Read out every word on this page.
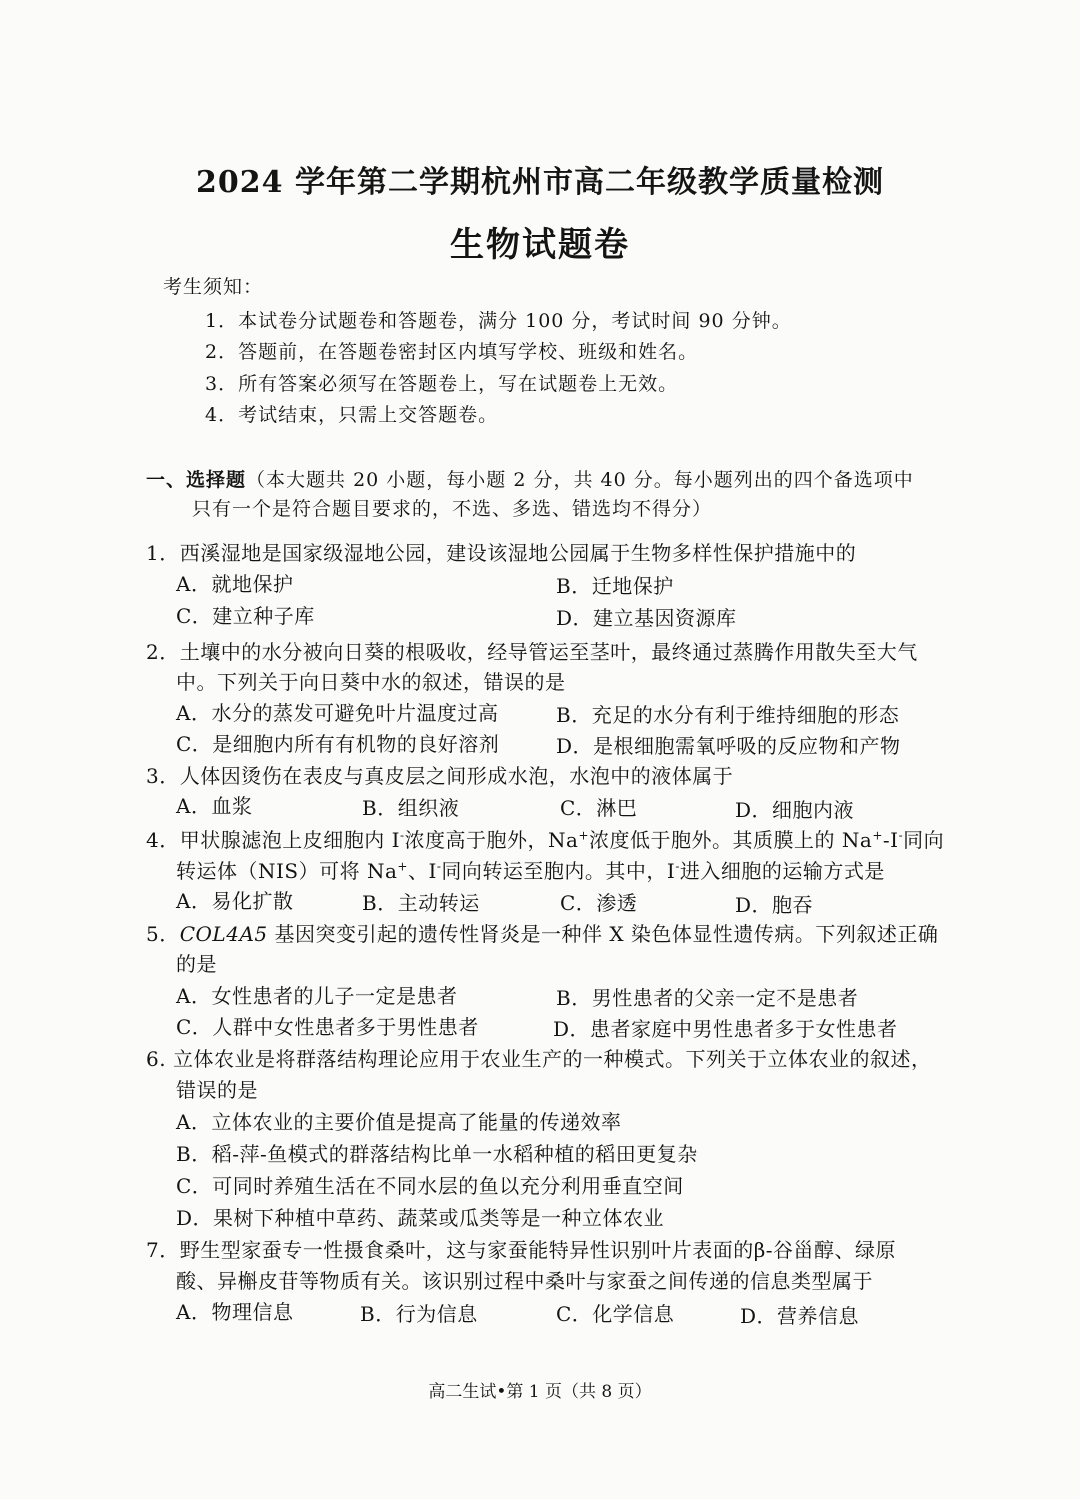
2024 学年第二学期杭州市高二年级教学质量检测
生物试题卷
考生须知：
1．本试卷分试题卷和答题卷，满分 100 分，考试时间 90 分钟。
2．答题前，在答题卷密封区内填写学校、班级和姓名。
3．所有答案必须写在答题卷上，写在试题卷上无效。
4．考试结束，只需上交答题卷。
一、选择题（本大题共 20 小题，每小题 2 分，共 40 分。每小题列出的四个备选项中
只有一个是符合题目要求的，不选、多选、错选均不得分）
1．西溪湿地是国家级湿地公园，建设该湿地公园属于生物多样性保护措施中的
A．就地保护	B．迁地保护
C．建立种子库	D．建立基因资源库
2．土壤中的水分被向日葵的根吸收，经导管运至茎叶，最终通过蒸腾作用散失至大气
中。下列关于向日葵中水的叙述，错误的是
A．水分的蒸发可避免叶片温度过高	B．充足的水分有利于维持细胞的形态
C．是细胞内所有有机物的良好溶剂	D．是根细胞需氧呼吸的反应物和产物
3．人体因烫伤在表皮与真皮层之间形成水泡，水泡中的液体属于
A．血浆	B．组织液	C．淋巴	D．细胞内液
4．甲状腺滤泡上皮细胞内 I-浓度高于胞外，Na+浓度低于胞外。其质膜上的 Na+-I-同向
转运体（NIS）可将 Na+、I-同向转运至胞内。其中，I-进入细胞的运输方式是
A．易化扩散	B．主动转运	C．渗透	D．胞吞
5．COL4A5 基因突变引起的遗传性肾炎是一种伴 X 染色体显性遗传病。下列叙述正确
的是
A．女性患者的儿子一定是患者	B．男性患者的父亲一定不是患者
C．人群中女性患者多于男性患者	D．患者家庭中男性患者多于女性患者
6. 立体农业是将群落结构理论应用于农业生产的一种模式。下列关于立体农业的叙述，
错误的是
A．立体农业的主要价值是提高了能量的传递效率
B．稻-萍-鱼模式的群落结构比单一水稻种植的稻田更复杂
C．可同时养殖生活在不同水层的鱼以充分利用垂直空间
D．果树下种植中草药、蔬菜或瓜类等是一种立体农业
7．野生型家蚕专一性摄食桑叶，这与家蚕能特异性识别叶片表面的β-谷甾醇、绿原
酸、异槲皮苷等物质有关。该识别过程中桑叶与家蚕之间传递的信息类型属于
A．物理信息	B．行为信息	C．化学信息	D．营养信息
高二生试•第 1 页（共 8 页）
